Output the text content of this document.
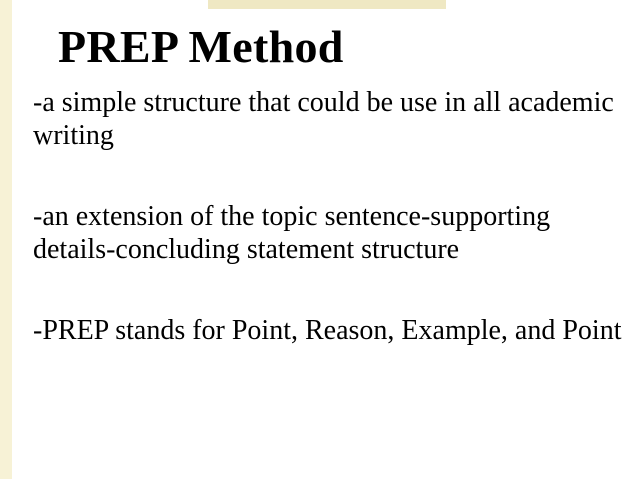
PREP Method
-a simple structure that could be use in all academic writing
-an extension of the topic sentence-supporting details-concluding statement structure
-PREP stands for Point, Reason, Example, and Point
